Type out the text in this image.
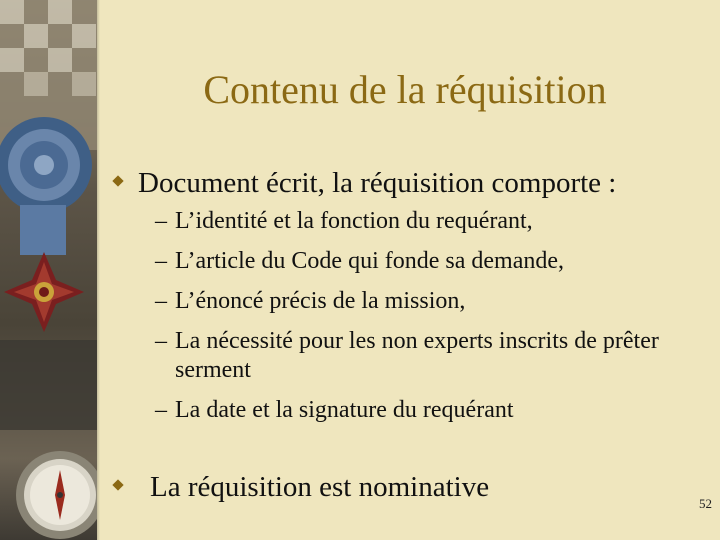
Contenu de la réquisition
Document écrit, la réquisition comporte :
– L’identité et la fonction du requérant,
– L’article du Code qui fonde sa demande,
– L’énoncé précis de la mission,
– La nécessité pour les non experts inscrits de prêter serment
– La date et la signature du requérant
La réquisition est nominative
52
